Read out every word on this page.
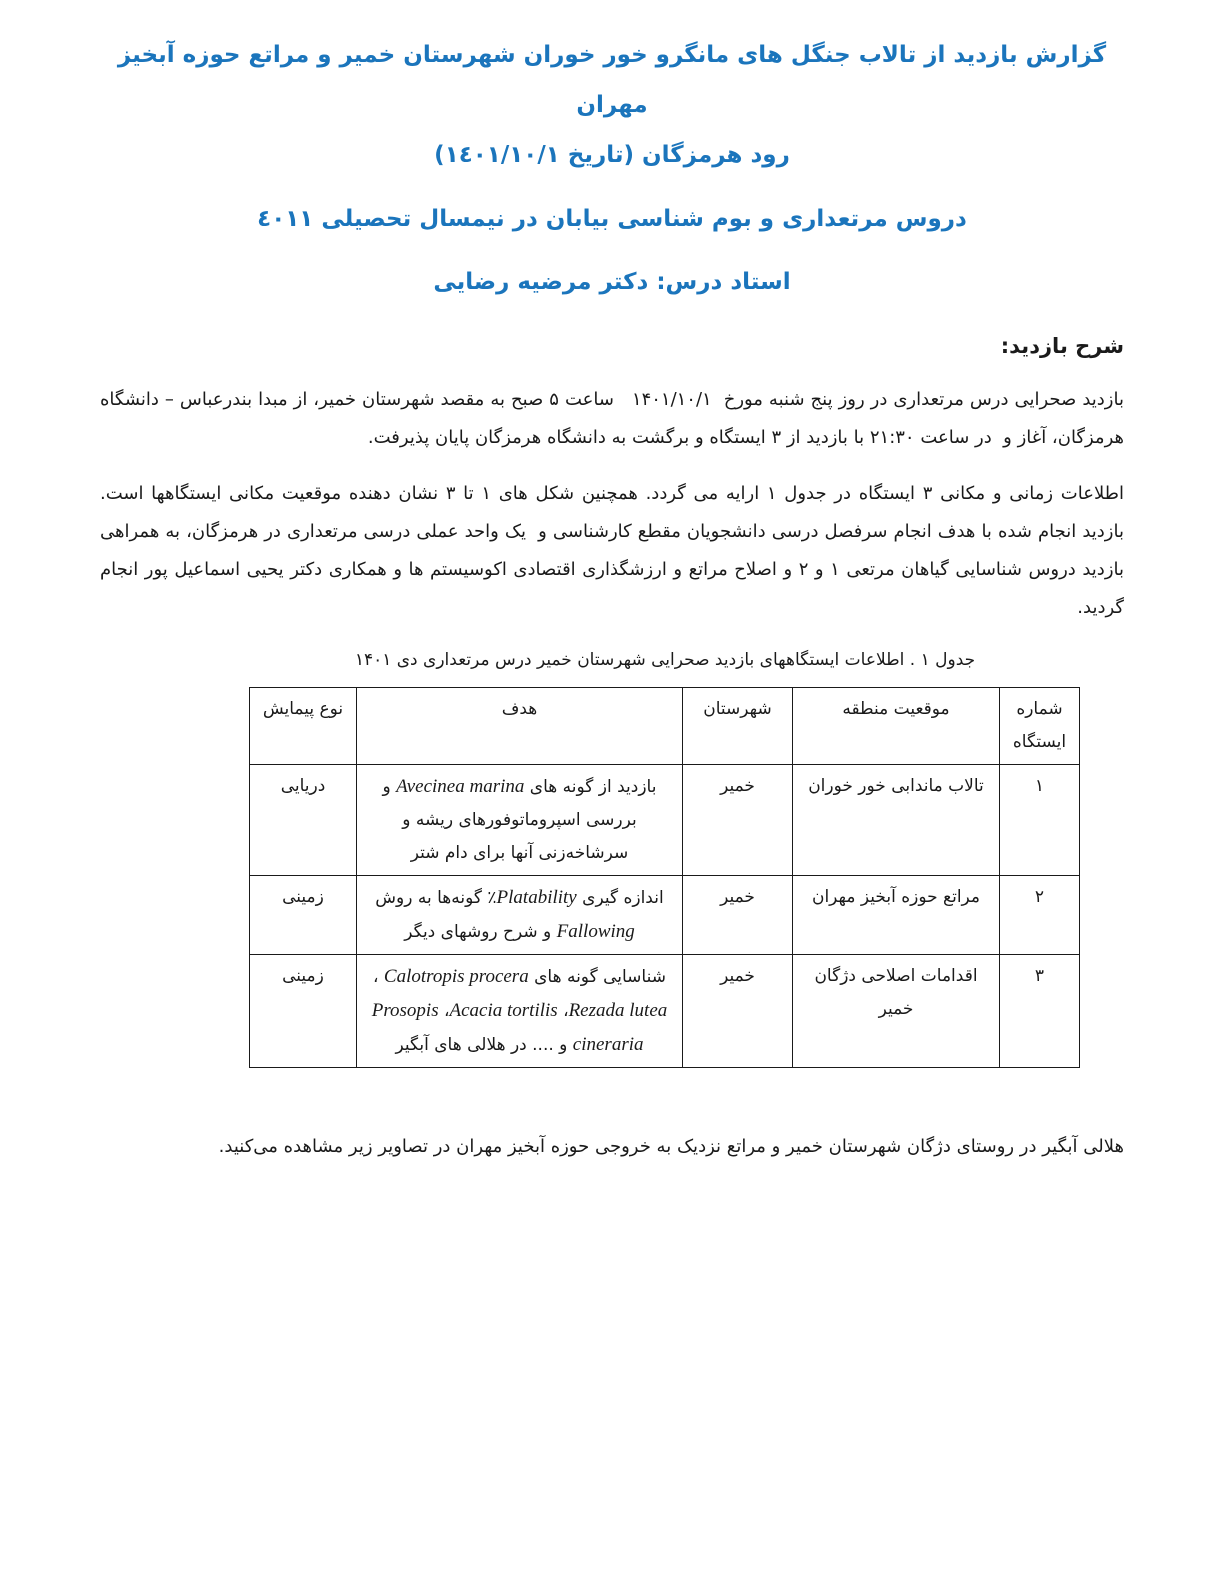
گزارش بازدید از تالاب جنگل های مانگرو خور خوران شهرستان خمیر و مراتع حوزه آبخیز مهران
رود هرمزگان (تاریخ ١٤٠١/١٠/١)
دروس مرتعداری و بوم شناسی بیابان در نیمسال تحصیلی ٤٠١١
استاد درس: دکتر مرضیه رضایی
شرح بازدید:

بازدید صحرایی درس مرتعداری در روز پنج شنبه مورخ  ۱۴۰۱/۱۰/۱   ساعت ۵ صبح به مقصد شهرستان خمیر، از مبدا بندرعباس – دانشگاه هرمزگان، آغاز و  در ساعت ۲۱:۳۰ با بازدید از ۳ ایستگاه و برگشت به دانشگاه هرمزگان پایان پذیرفت.

اطلاعات زمانی و مکانی ۳ ایستگاه در جدول ۱ ارایه می گردد. همچنین شکل های ۱ تا ۳ نشان دهنده موقعیت مکانی ایستگاهها است. بازدید انجام شده با هدف انجام سرفصل درسی دانشجویان مقطع کارشناسی و  یک واحد عملی درسی مرتعداری در هرمزگان، به همراهی بازدید دروس شناسایی گیاهان مرتعی ۱ و ۲ و اصلاح مراتع و ارزشگذاری اقتصادی اکوسیستم ها و همکاری دکتر یحیی اسماعیل پور انجام گردید.

جدول ۱ . اطلاعات ایستگاههای بازدید صحرایی شهرستان خمیر درس مرتعداری دی ۱۴۰۱
شماره ایستگاه	موقعیت منطقه	شهرستان	هدف	نوع پیمایش
۱	تالاب ماندابی خور خوران	خمیر	بازدید از گونه های Avecinea marina و بررسی اسپروماتوفورهای ریشه و سرشاخه‌زنی آنها برای دام شتر	دریایی
۲	مراتع حوزه آبخیز مهران	خمیر	اندازه گیری Platability٪ گونه‌ها به روش Fallowing و شرح روشهای دیگر	زمینی
۳	اقدامات اصلاحی دژگان خمیر	خمیر	شناسایی گونه های Calotropis procera ، Rezada lutea، Acacia tortilis، Prosopis cineraria و .... در هلالی های آبگیر	زمینی

هلالی آبگیر در روستای دژگان شهرستان خمیر و مراتع نزدیک به خروجی حوزه آبخیز مهران در تصاویر زیر مشاهده می‌کنید.
